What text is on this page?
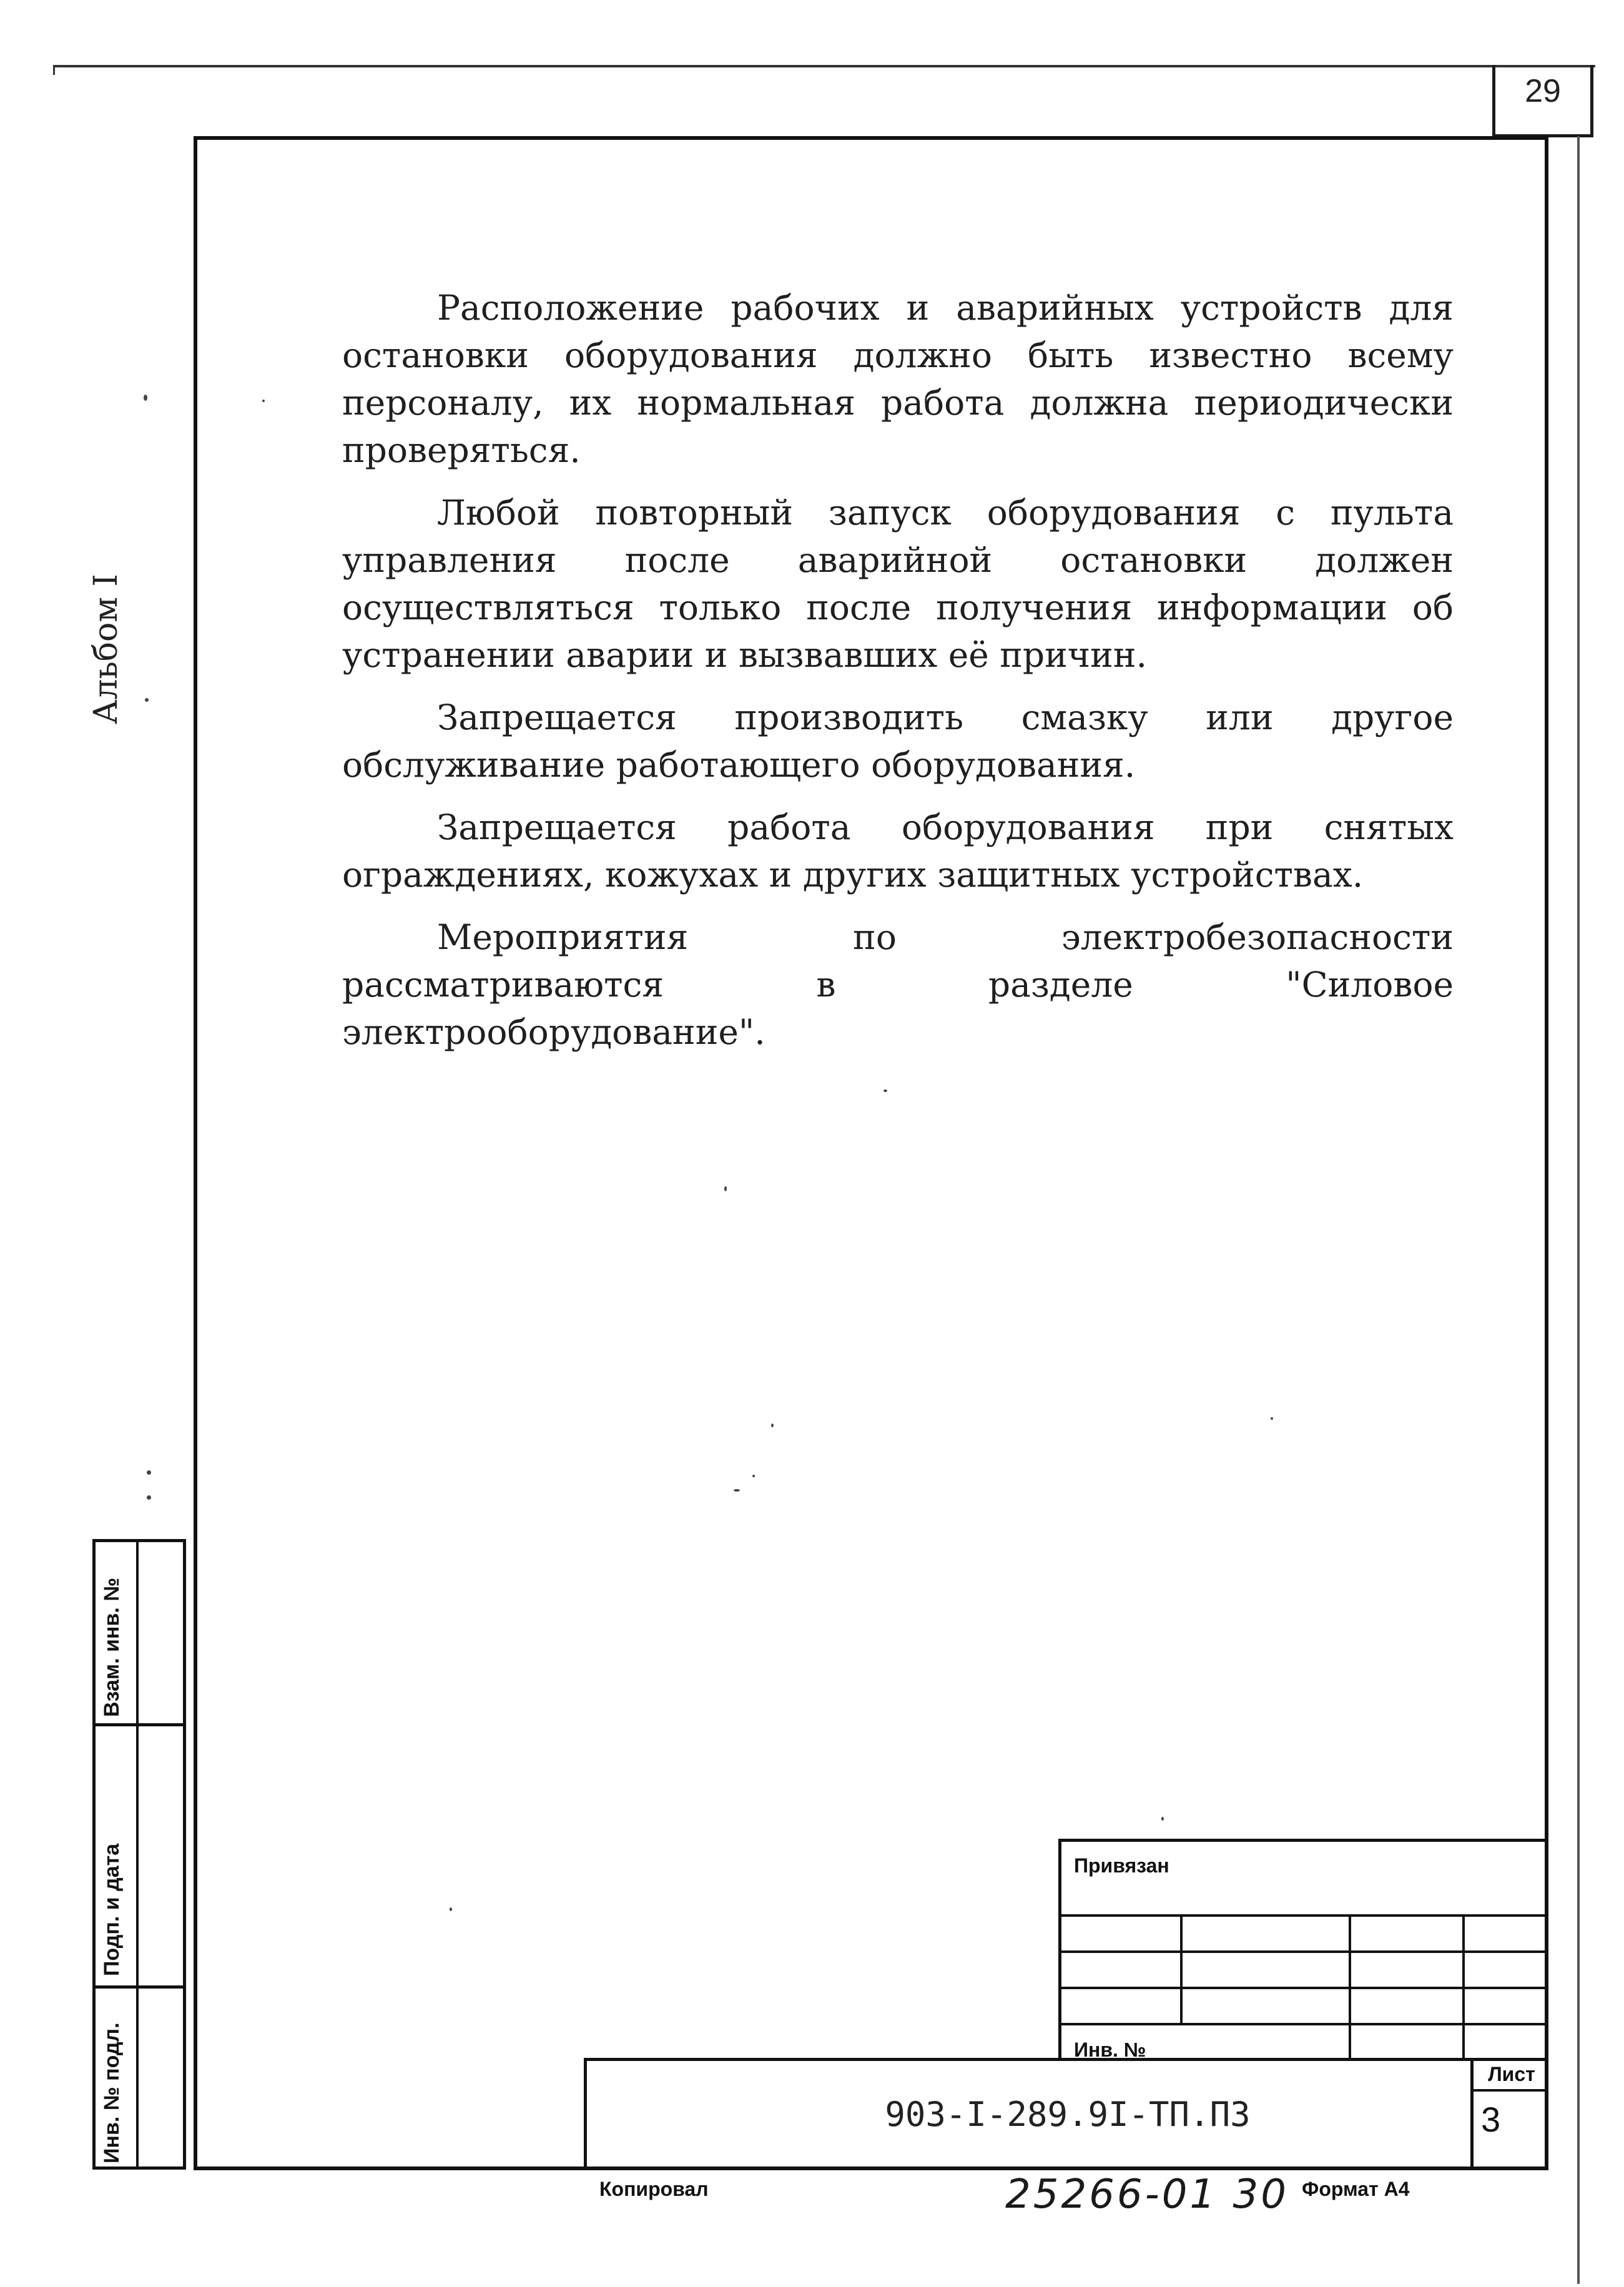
29
Альбом I

Расположение рабочих и аварийных устройств для остановки оборудования должно быть известно всему персоналу, их нормальная работа должна периодически проверяться.

Любой повторный запуск оборудования с пульта управления после аварийной остановки должен осуществляться только после получения информации об устранении аварии и вызвавших её причин.

Запрещается производить смазку или другое обслуживание работающего оборудования.

Запрещается работа оборудования при снятых ограждениях, кожухах и других защитных устройствах.

Мероприятия по электробезопасности рассматриваются в разделе "Силовое электрооборудование".

Взам. инв. №
Подп. и дата
Инв. № подл.
Привязан
Инв. №
903-I-289.9I-ТП.ПЗ
Лист
3
Копировал	25266-01 30 Формат А4
